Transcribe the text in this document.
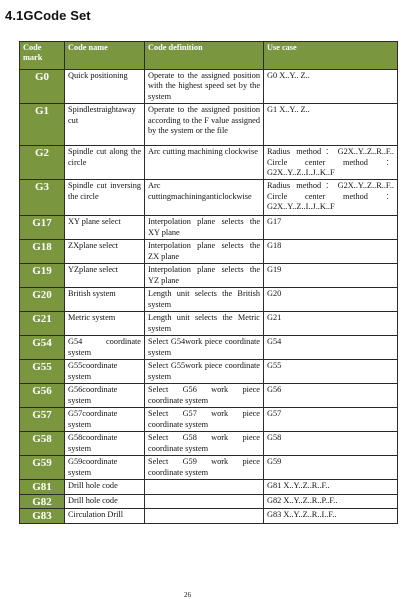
4.1GCode Set
Code mark	Code name	Code definition	Use case
G0	Quick positioning	Operate to the assigned position with the highest speed set by the system	G0 X..Y.. Z..
G1	Spindlestraightaway cut	Operate to the assigned position according to the F value assigned by the system or the file	G1 X..Y.. Z..
G2	Spindle cut along the circle	Arc cutting machining clockwise	Radius method：G2X..Y..Z..R..F.. Circle center method ： G2X..Y..Z..I..J..K..F
G3	Spindle cut inversing the circle	Arc cuttingmachininganticlockwise	Radius method：G2X..Y..Z..R..F.. Circle center method ： G2X..Y..Z..I..J..K..F
G17	XY plane select	Interpolation plane selects the XY plane	G17
G18	ZXplane select	Interpolation plane selects the ZX plane	G18
G19	YZplane select	Interpolation plane selects the YZ plane	G19
G20	British system	Length unit selects the British system	G20
G21	Metric system	Length unit selects the Metric system	G21
G54	G54 coordinate system	Select G54work piece coordinate system	G54
G55	G55coordinate system	Select G55work piece coordinate system	G55
G56	G56coordinate system	Select G56 work piece coordinate system	G56
G57	G57coordinate system	Select G57 work piece coordinate system	G57
G58	G58coordinate system	Select G58 work piece coordinate system	G58
G59	G59coordinate system	Select G59 work piece coordinate system	G59
G81	Drill hole code		G81 X..Y..Z..R..F..
G82	Drill hole code		G82 X..Y..Z..R..P..F..
G83	Circulation Drill		G83 X..Y..Z..R..I..F..
26
